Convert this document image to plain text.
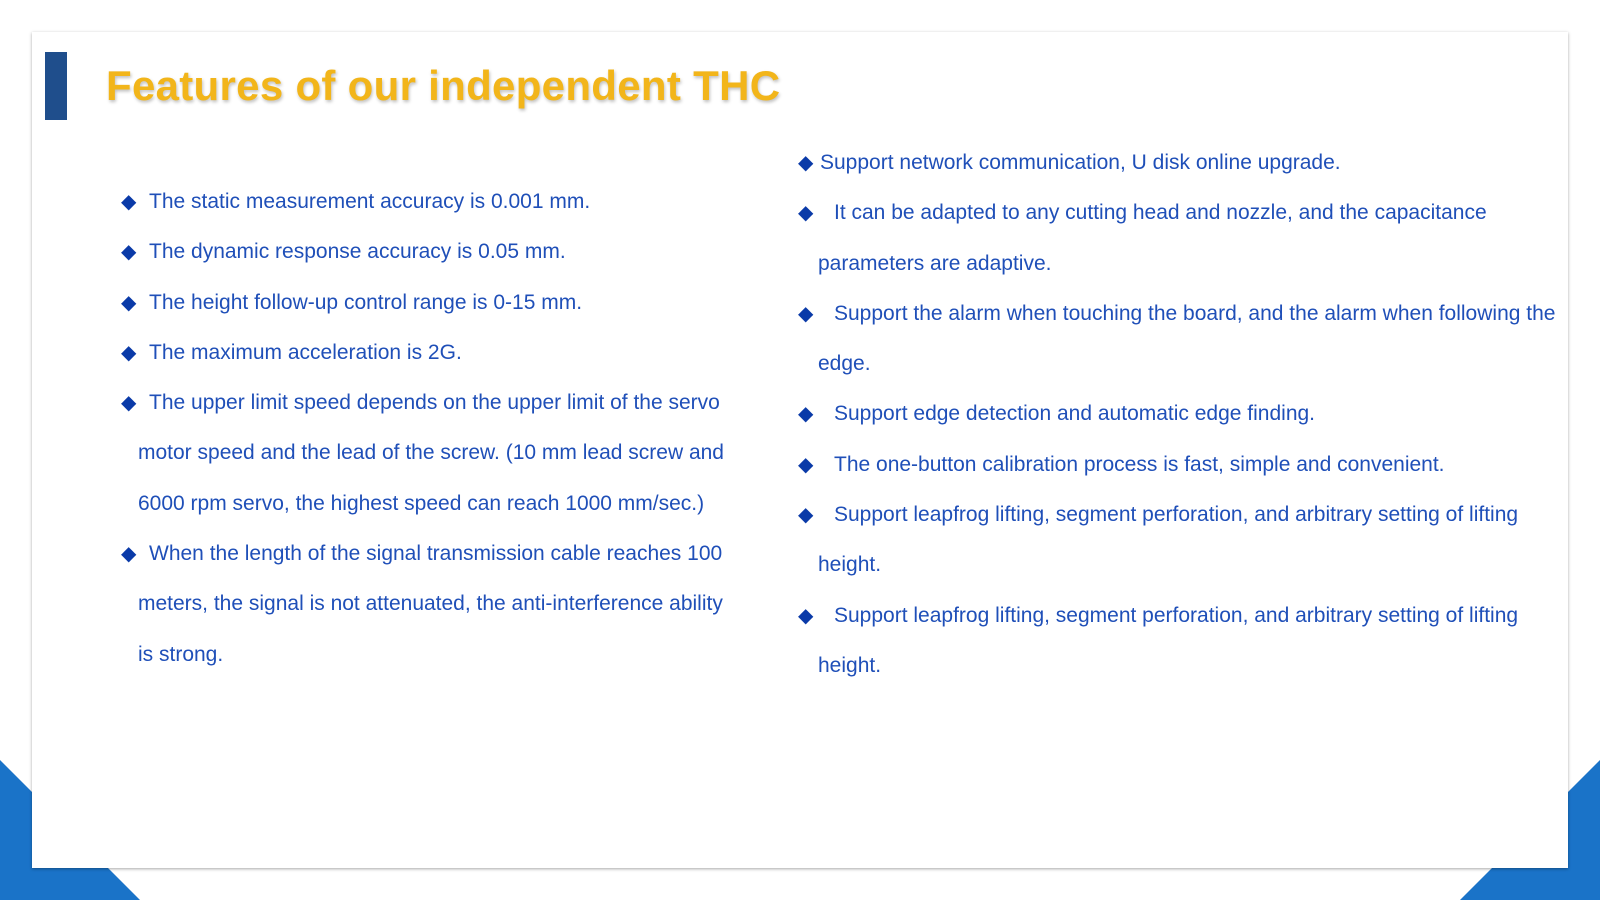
Features of our independent THC
◆ The static measurement accuracy is 0.001 mm.
◆ The dynamic response accuracy is 0.05 mm.
◆ The height follow-up control range is 0-15 mm.
◆ The maximum acceleration is 2G.
◆ The upper limit speed depends on the upper limit of the servo motor speed and the lead of the screw. (10 mm lead screw and 6000 rpm servo, the highest speed can reach 1000 mm/sec.)
◆ When the length of the signal transmission cable reaches 100 meters, the signal is not attenuated, the anti-interference ability is strong.
◆ Support network communication, U disk online upgrade.
◆ It can be adapted to any cutting head and nozzle, and the capacitance parameters are adaptive.
◆ Support the alarm when touching the board, and the alarm when following the edge.
◆ Support edge detection and automatic edge finding.
◆ The one-button calibration process is fast, simple and convenient.
◆ Support leapfrog lifting, segment perforation, and arbitrary setting of lifting height.
◆ Support leapfrog lifting, segment perforation, and arbitrary setting of lifting height.
